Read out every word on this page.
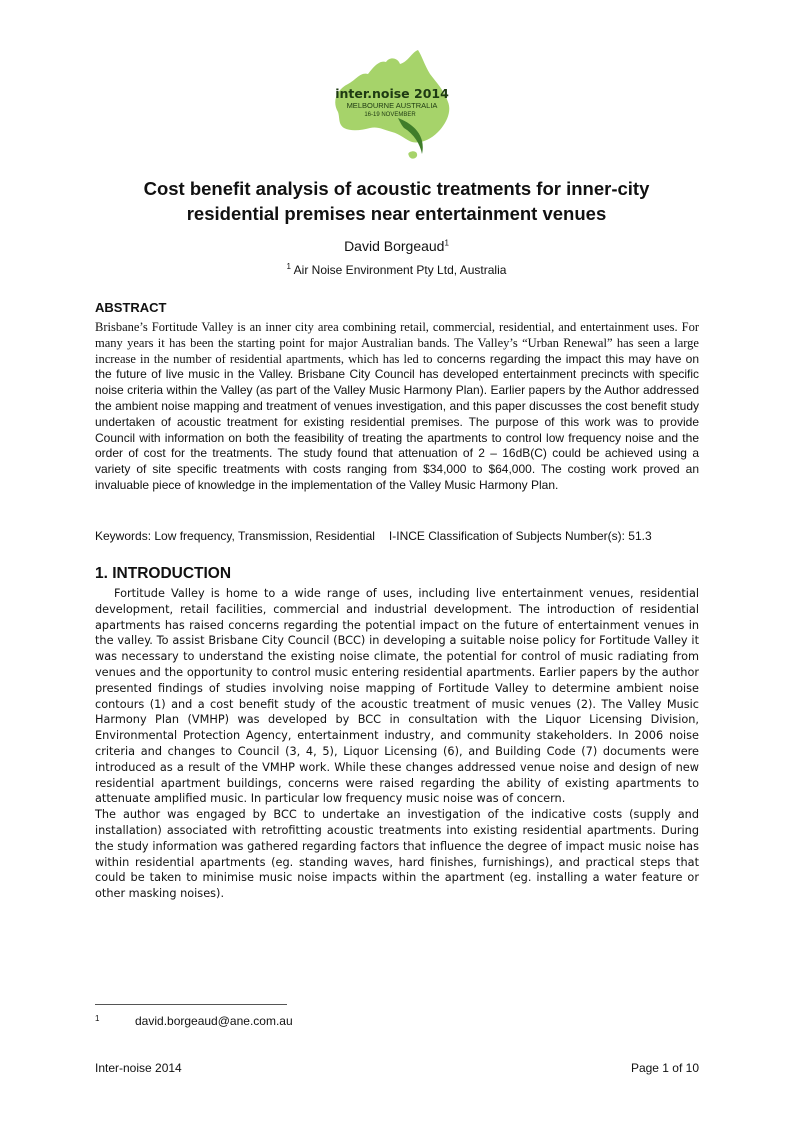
inter.noise 2014
MELBOURNE AUSTRALIA
16-19 NOVEMBER
Cost benefit analysis of acoustic treatments for inner-city
residential premises near entertainment venues
David Borgeaud$^1$
$^1$ Air Noise Environment Pty Ltd, Australia
ABSTRACT
Brisbane’s Fortitude Valley is an inner city area combining retail, commercial, residential, and entertainment uses. For many years it has been the starting point for major Australian bands. The Valley’s “Urban Renewal” has seen a large increase in the number of residential apartments, which has led to concerns regarding the impact this may have on the future of live music in the Valley. Brisbane City Council has developed entertainment precincts with specific noise criteria within the Valley (as part of the Valley Music Harmony Plan). Earlier papers by the Author addressed the ambient noise mapping and treatment of venues investigation, and this paper discusses the cost benefit study undertaken of acoustic treatment for existing residential premises. The purpose of this work was to provide Council with information on both the feasibility of treating the apartments to control low frequency noise and the order of cost for the treatments. The study found that attenuation of 2 – 16dB(C) could be achieved using a variety of site specific treatments with costs ranging from $34,000 to $64,000. The costing work proved an invaluable piece of knowledge in the implementation of the Valley Music Harmony Plan.
Keywords: Low frequency, Transmission, Residential I-INCE Classification of Subjects Number(s): 51.3
1. INTRODUCTION

Fortitude Valley is home to a wide range of uses, including live entertainment venues, residential development, retail facilities, commercial and industrial development. The introduction of residential apartments has raised concerns regarding the potential impact on the future of entertainment venues in the valley. To assist Brisbane City Council (BCC) in developing a suitable noise policy for Fortitude Valley it was necessary to understand the existing noise climate, the potential for control of music radiating from venues and the opportunity to control music entering residential apartments. Earlier papers by the author presented findings of studies involving noise mapping of Fortitude Valley to determine ambient noise contours (1) and a cost benefit study of the acoustic treatment of music venues (2). The Valley Music Harmony Plan (VMHP) was developed by BCC in consultation with the Liquor Licensing Division, Environmental Protection Agency, entertainment industry, and community stakeholders. In 2006 noise criteria and changes to Council (3, 4, 5), Liquor Licensing (6), and Building Code (7) documents were introduced as a result of the VMHP work. While these changes addressed venue noise and design of new residential apartment buildings, concerns were raised regarding the ability of existing apartments to attenuate amplified music. In particular low frequency music noise was of concern.

The author was engaged by BCC to undertake an investigation of the indicative costs (supply and installation) associated with retrofitting acoustic treatments into existing residential apartments. During the study information was gathered regarding factors that influence the degree of impact music noise has within residential apartments (eg. standing waves, hard finishes, furnishings), and practical steps that could be taken to minimise music noise impacts within the apartment (eg. installing a water feature or other masking noises).

1	david.borgeaud@ane.com.au
Inter-noise 2014	Page 1 of 10
